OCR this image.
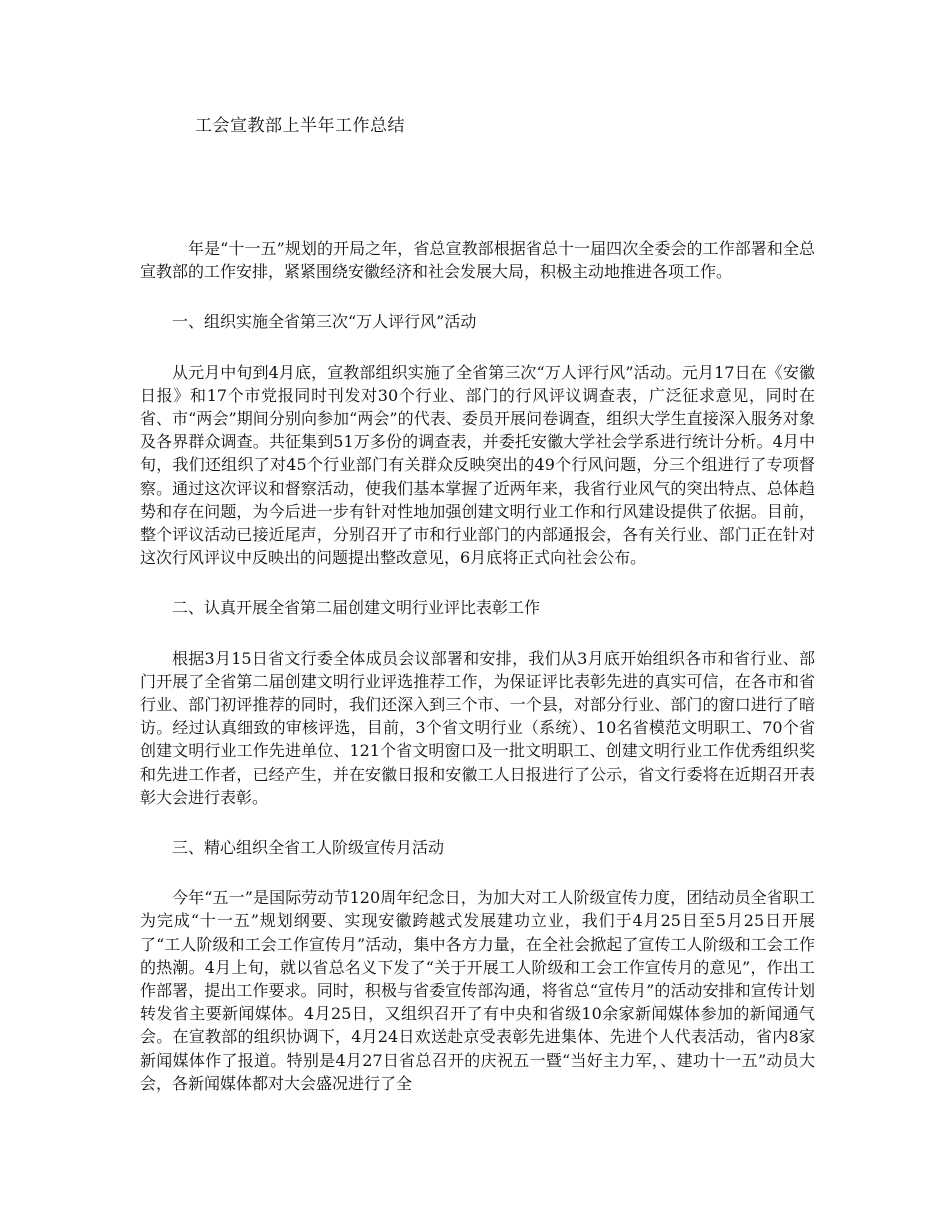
工会宣教部上半年工作总结

年是“十一五”规划的开局之年，省总宣教部根据省总十一届四次全委会的工作部署和全总宣教部的工作安排，紧紧围绕安徽经济和社会发展大局，积极主动地推进各项工作。

一、组织实施全省第三次“万人评行风”活动

从元月中旬到4月底，宣教部组织实施了全省第三次“万人评行风”活动。元月17日在《安徽日报》和17个市党报同时刊发对30个行业、部门的行风评议调查表，广泛征求意见，同时在省、市“两会”期间分别向参加“两会”的代表、委员开展问卷调查，组织大学生直接深入服务对象及各界群众调查。共征集到51万多份的调查表，并委托安徽大学社会学系进行统计分析。4月中旬，我们还组织了对45个行业部门有关群众反映突出的49个行风问题，分三个组进行了专项督察。通过这次评议和督察活动，使我们基本掌握了近两年来，我省行业风气的突出特点、总体趋势和存在问题，为今后进一步有针对性地加强创建文明行业工作和行风建设提供了依据。目前，整个评议活动已接近尾声，分别召开了市和行业部门的内部通报会，各有关行业、部门正在针对这次行风评议中反映出的问题提出整改意见，6月底将正式向社会公布。

二、认真开展全省第二届创建文明行业评比表彰工作

根据3月15日省文行委全体成员会议部署和安排，我们从3月底开始组织各市和省行业、部门开展了全省第二届创建文明行业评选推荐工作，为保证评比表彰先进的真实可信，在各市和省行业、部门初评推荐的同时，我们还深入到三个市、一个县，对部分行业、部门的窗口进行了暗访。经过认真细致的审核评选，目前，3个省文明行业（系统）、10名省模范文明职工、70个省创建文明行业工作先进单位、121个省文明窗口及一批文明职工、创建文明行业工作优秀组织奖和先进工作者，已经产生，并在安徽日报和安徽工人日报进行了公示，省文行委将在近期召开表彰大会进行表彰。

三、精心组织全省工人阶级宣传月活动

今年“五一”是国际劳动节120周年纪念日，为加大对工人阶级宣传力度，团结动员全省职工为完成“十一五”规划纲要、实现安徽跨越式发展建功立业，我们于4月25日至5月25日开展了“工人阶级和工会工作宣传月”活动，集中各方力量，在全社会掀起了宣传工人阶级和工会工作的热潮。4月上旬，就以省总名义下发了“关于开展工人阶级和工会工作宣传月的意见”，作出工作部署，提出工作要求。同时，积极与省委宣传部沟通，将省总“宣传月”的活动安排和宣传计划转发省主要新闻媒体。4月25日，又组织召开了有中央和省级10余家新闻媒体参加的新闻通气会。在宣教部的组织协调下，4月24日欢送赴京受表彰先进集体、先进个人代表活动，省内8家新闻媒体作了报道。特别是4月27日省总召开的庆祝五一暨“当好主力军，、建功十一五”动员大会，各新闻媒体都对大会盛况进行了全
